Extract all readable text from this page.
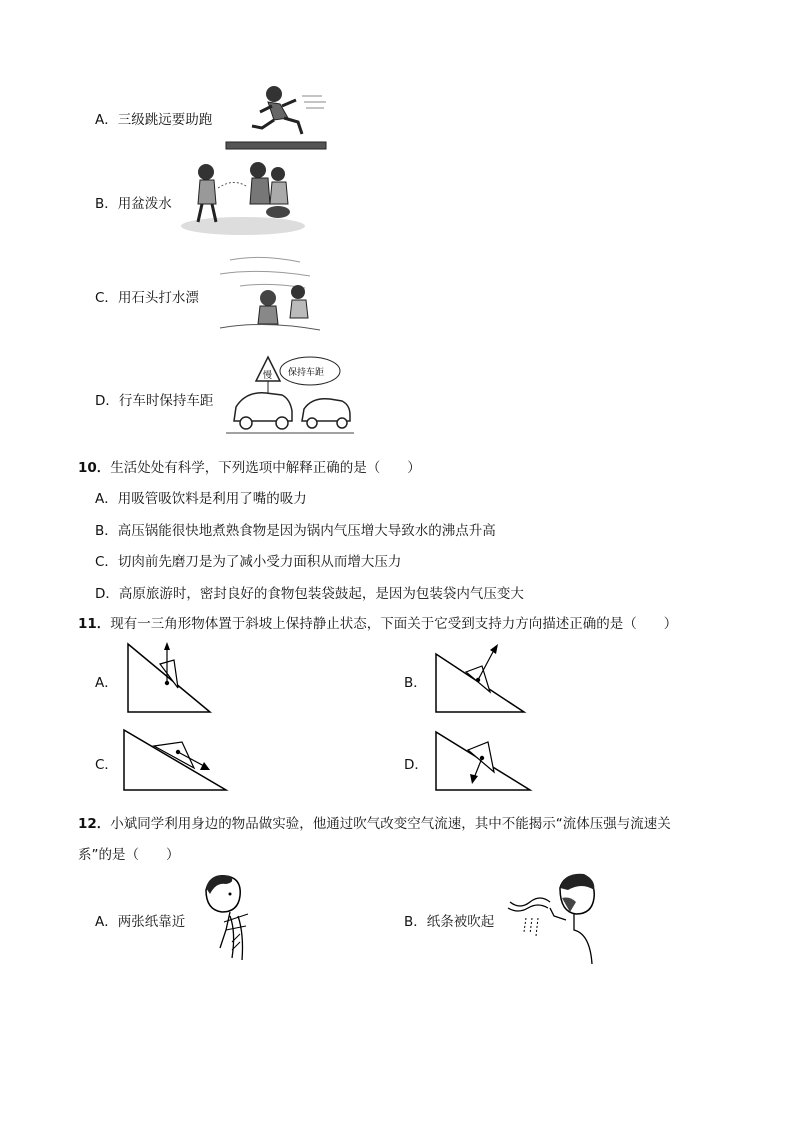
A．三级跳远要助跑
B．用盆泼水
C．用石头打水漂
D．行车时保持车距
慢 保持车距
10．生活处处有科学，下列选项中解释正确的是（　　）
A．用吸管吸饮料是利用了嘴的吸力
B．高压锅能很快地煮熟食物是因为锅内气压增大导致水的沸点升高
C．切肉前先磨刀是为了减小受力面积从而增大压力
D．高原旅游时，密封良好的食物包装袋鼓起，是因为包装袋内气压变大
11．现有一三角形物体置于斜坡上保持静止状态，下面关于它受到支持力方向描述正确的是（　　）
A．	B．
C．	D．
12．小斌同学利用身边的物品做实验，他通过吹气改变空气流速，其中不能揭示“流体压强与流速关
系”的是（　　）
A．两张纸靠近	B．纸条被吹起
